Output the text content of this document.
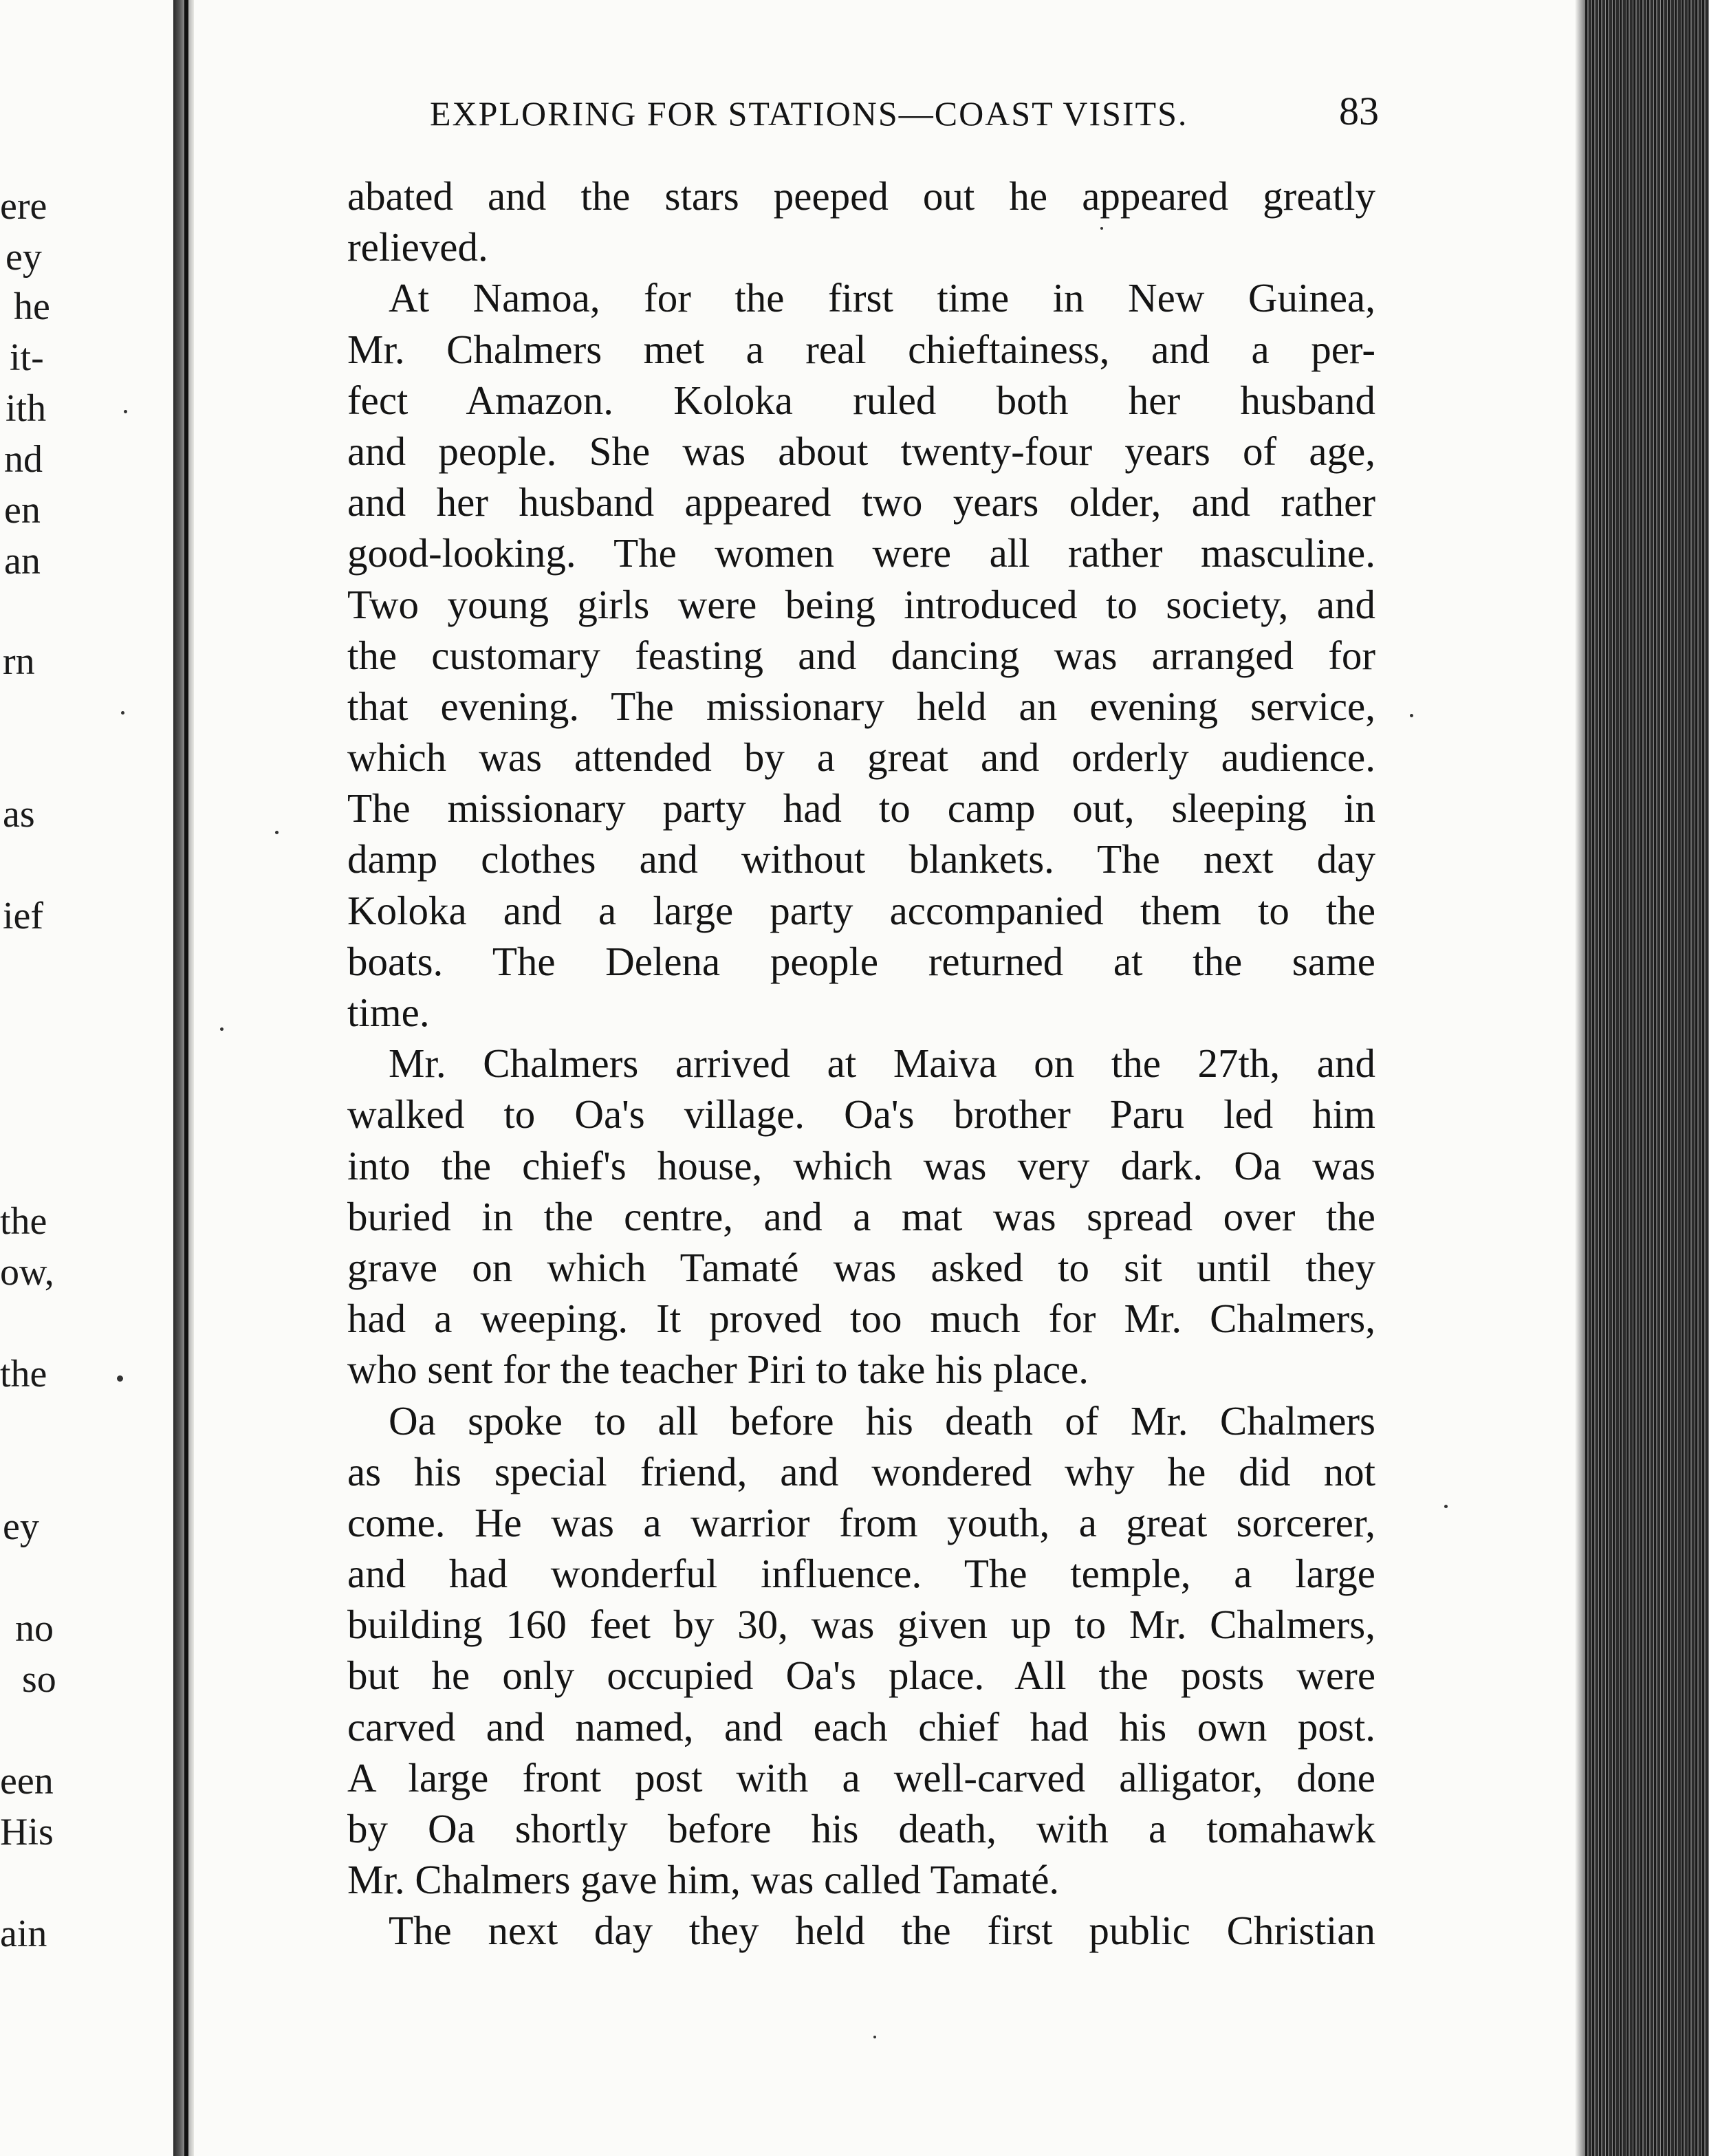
ere
ey
he
it-
ith
nd
en
an
rn
as
ief
the
ow,
the
ey
no
so
een
His
ain
EXPLORING FOR STATIONS—COAST VISITS.	83
abated and the stars peeped out he appeared greatly
relieved.
At Namoa, for the first time in New Guinea,
Mr. Chalmers met a real chieftainess, and a per-
fect Amazon. Koloka ruled both her husband
and people. She was about twenty-four years of age,
and her husband appeared two years older, and rather
good-looking. The women were all rather masculine.
Two young girls were being introduced to society, and
the customary feasting and dancing was arranged for
that evening. The missionary held an evening service,
which was attended by a great and orderly audience.
The missionary party had to camp out, sleeping in
damp clothes and without blankets. The next day
Koloka and a large party accompanied them to the
boats. The Delena people returned at the same
time.
Mr. Chalmers arrived at Maiva on the 27th, and
walked to Oa's village. Oa's brother Paru led him
into the chief's house, which was very dark. Oa was
buried in the centre, and a mat was spread over the
grave on which Tamaté was asked to sit until they
had a weeping. It proved too much for Mr. Chalmers,
who sent for the teacher Piri to take his place.
Oa spoke to all before his death of Mr. Chalmers
as his special friend, and wondered why he did not
come. He was a warrior from youth, a great sorcerer,
and had wonderful influence. The temple, a large
building 160 feet by 30, was given up to Mr. Chalmers,
but he only occupied Oa's place. All the posts were
carved and named, and each chief had his own post.
A large front post with a well-carved alligator, done
by Oa shortly before his death, with a tomahawk
Mr. Chalmers gave him, was called Tamaté.
The next day they held the first public Christian
